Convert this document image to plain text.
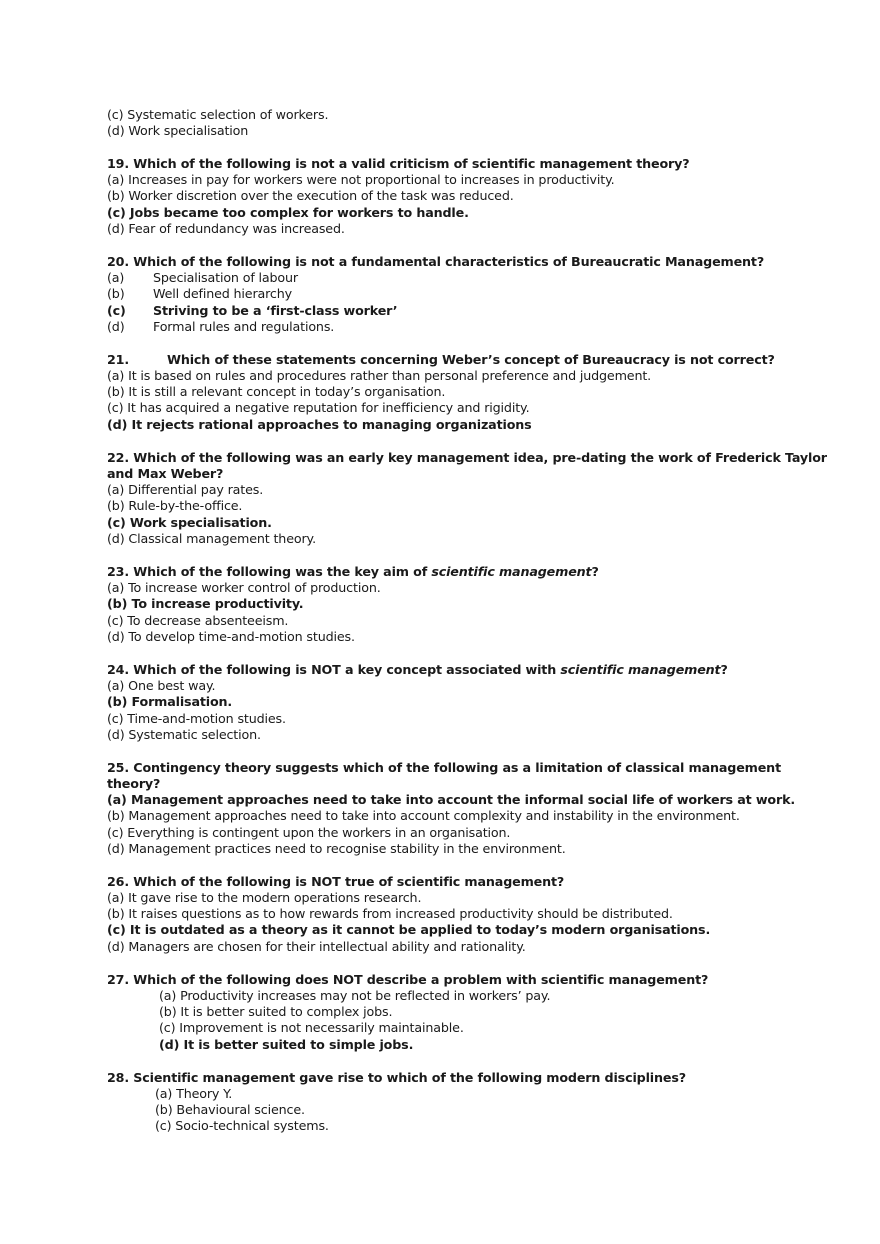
(c) Systematic selection of workers.
(d) Work specialisation
19. Which of the following is not a valid criticism of scientific management theory?
(a) Increases in pay for workers were not proportional to increases in productivity.
(b) Worker discretion over the execution of the task was reduced.
(c) Jobs became too complex for workers to handle.
(d) Fear of redundancy was increased.
20. Which of the following is not a fundamental characteristics of Bureaucratic Management?
(a) Specialisation of labour
(b) Well defined hierarchy
(c) Striving to be a ‘first-class worker’
(d) Formal rules and regulations.
21.	Which of these statements concerning Weber’s concept of Bureaucracy is not correct?
(a) It is based on rules and procedures rather than personal preference and judgement.
(b) It is still a relevant concept in today’s organisation.
(c) It has acquired a negative reputation for inefficiency and rigidity.
(d) It rejects rational approaches to managing organizations
22. Which of the following was an early key management idea, pre-dating the work of Frederick Taylor
and Max Weber?
(a) Differential pay rates.
(b) Rule-by-the-office.
(c) Work specialisation.
(d) Classical management theory.
23. Which of the following was the key aim of scientific management?
(a) To increase worker control of production.
(b) To increase productivity.
(c) To decrease absenteeism.
(d) To develop time-and-motion studies.
24. Which of the following is NOT a key concept associated with scientific management?
(a) One best way.
(b) Formalisation.
(c) Time-and-motion studies.
(d) Systematic selection.
25. Contingency theory suggests which of the following as a limitation of classical management
theory?
(a) Management approaches need to take into account the informal social life of workers at work.
(b) Management approaches need to take into account complexity and instability in the environment.
(c) Everything is contingent upon the workers in an organisation.
(d) Management practices need to recognise stability in the environment.
26. Which of the following is NOT true of scientific management?
(a) It gave rise to the modern operations research.
(b) It raises questions as to how rewards from increased productivity should be distributed.
(c) It is outdated as a theory as it cannot be applied to today’s modern organisations.
(d) Managers are chosen for their intellectual ability and rationality.
27. Which of the following does NOT describe a problem with scientific management?
(a) Productivity increases may not be reflected in workers’ pay.
(b) It is better suited to complex jobs.
(c) Improvement is not necessarily maintainable.
(d) It is better suited to simple jobs.
28. Scientific management gave rise to which of the following modern disciplines?
(a) Theory Y.
(b) Behavioural science.
(c) Socio-technical systems.
